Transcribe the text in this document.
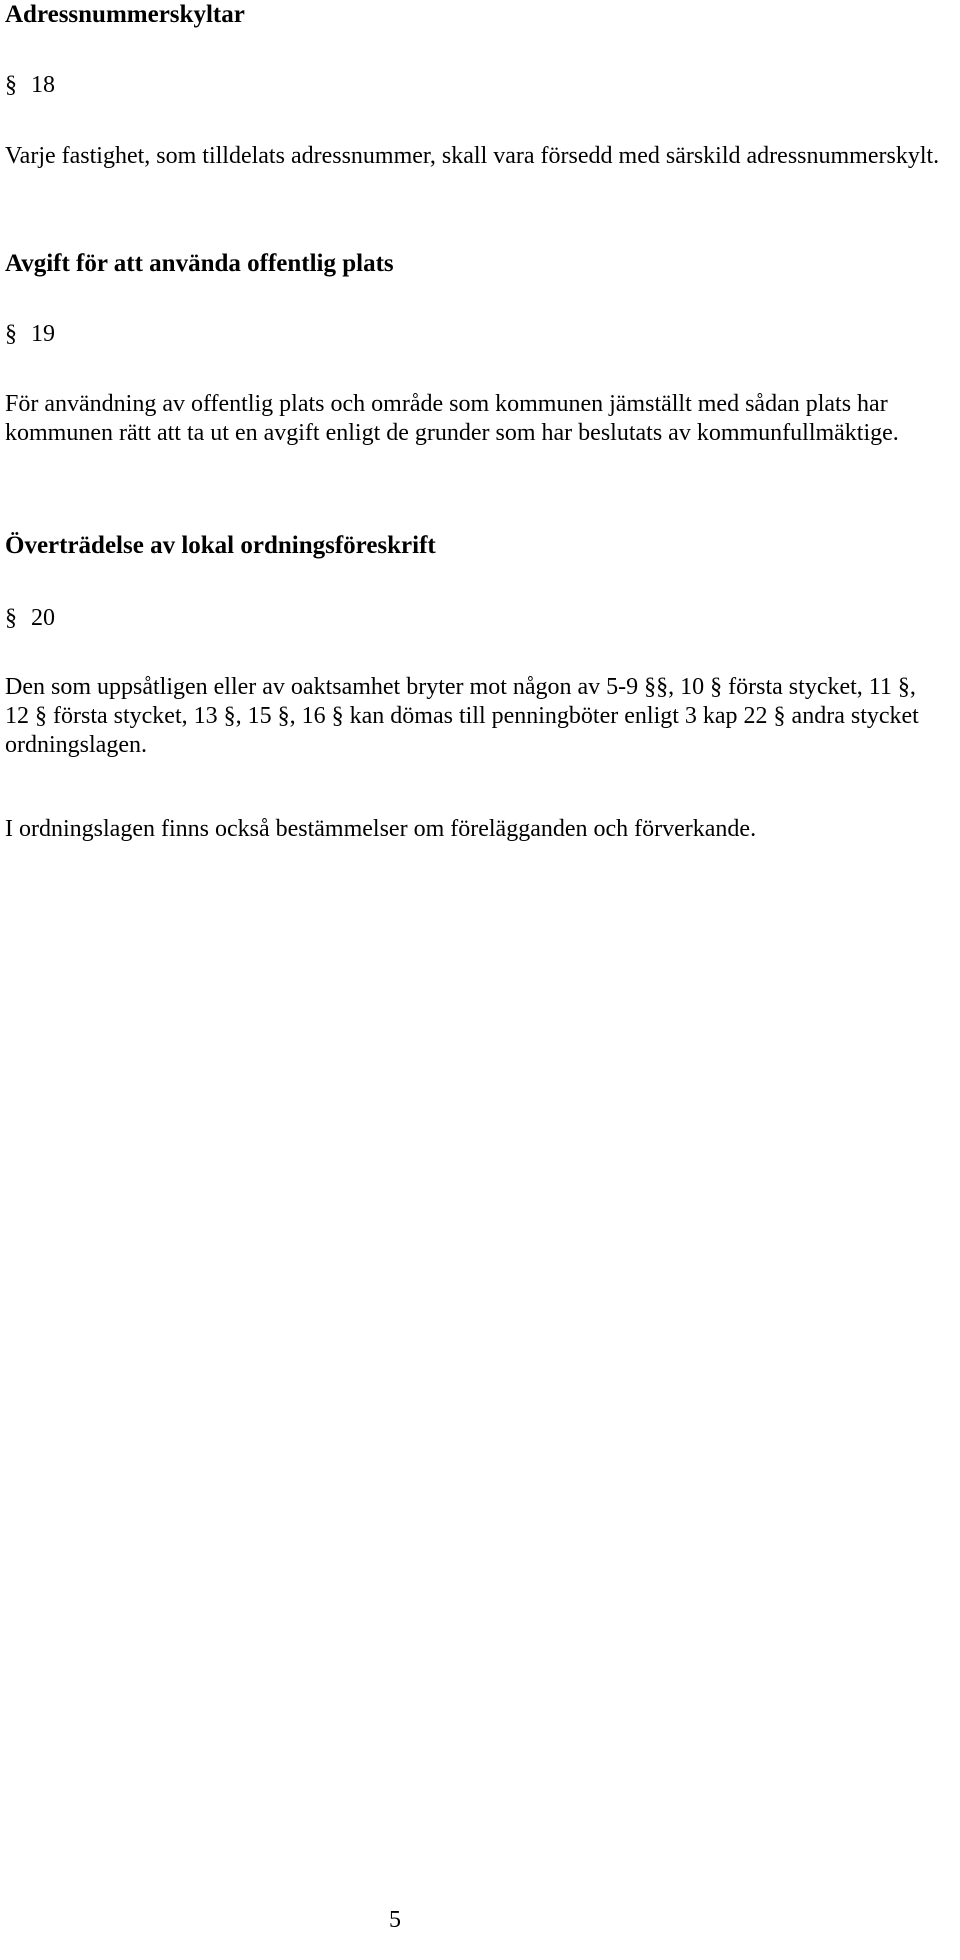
Adressnummerskyltar
§ 18

Varje fastighet, som tilldelats adressnummer, skall vara försedd med särskild adressnummerskylt.

Avgift för att använda offentlig plats
§ 19

För användning av offentlig plats och område som kommunen jämställt med sådan plats har kommunen rätt att ta ut en avgift enligt de grunder som har beslutats av kommunfullmäktige.

Överträdelse av lokal ordningsföreskrift
§ 20

Den som uppsåtligen eller av oaktsamhet bryter mot någon av 5-9 §§, 10 § första stycket, 11 §, 12 § första stycket, 13 §, 15 §, 16 § kan dömas till penningböter enligt 3 kap 22 § andra stycket ordningslagen.

I ordningslagen finns också bestämmelser om förelägganden och förverkande.

5
